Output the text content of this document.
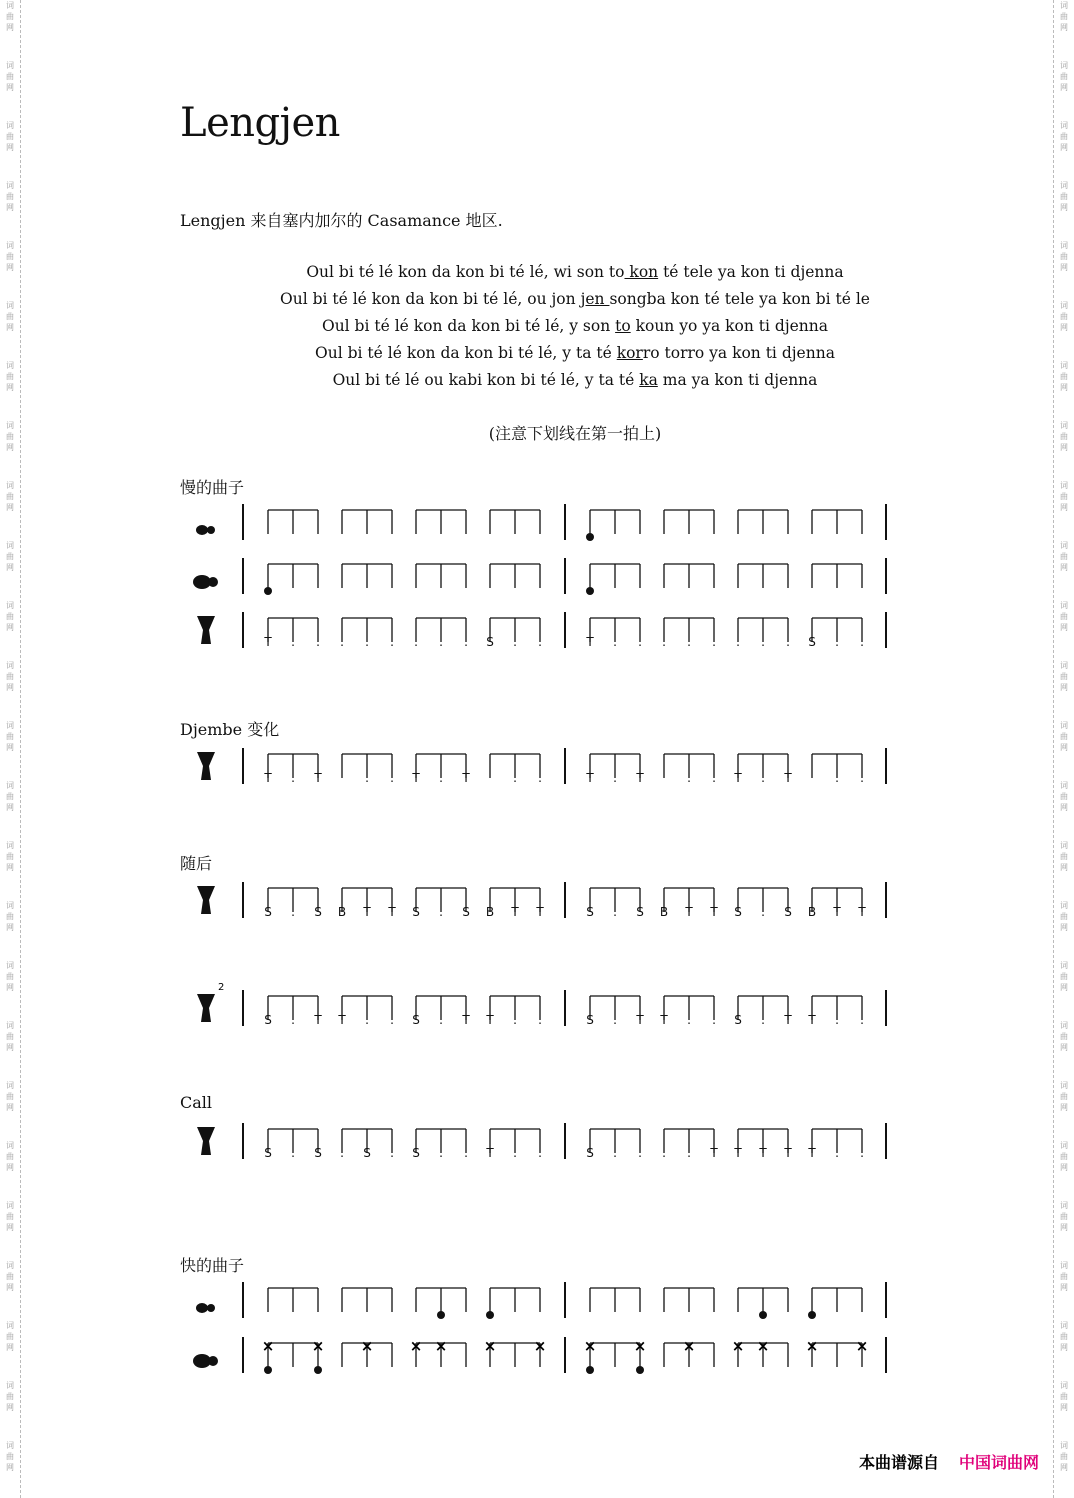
词
曲
网
词
曲
网
词
曲
网
词
曲
网
词
曲
网
词
曲
网
词
曲
网
词
曲
网
词
曲
网
词
曲
网
词
曲
网
词
曲
网
词
曲
网
词
曲
网
词
曲
网
词
曲
网
词
曲
网
词
曲
网
词
曲
网
词
曲
网
词
曲
网
词
曲
网
词
曲
网
词
曲
网
词
曲
网
词
曲
网
词
曲
网
词
曲
网
词
曲
网
词
曲
网
词
曲
网
词
曲
网
词
曲
网
词
曲
网
词
曲
网
词
曲
网
词
曲
网
词
曲
网
词
曲
网
词
曲
网
词
曲
网
词
曲
网
词
曲
网
词
曲
网
词
曲
网
词
曲
网
词
曲
网
词
曲
网
词
曲
网
词
曲
网
Lengjen
Lengjen 来自塞内加尔的 Casamance 地区.
Oul bi té lé kon da kon bi té lé, wi son to kon té tele ya kon ti djenna
Oul bi té lé kon da kon bi té lé, ou jon jen songba kon té tele ya kon bi té le
Oul bi té lé kon da kon bi té lé, y son to koun yo ya kon ti djenna
Oul bi té lé kon da kon bi té lé, y ta té korro torro ya kon ti djenna
Oul bi té lé ou kabi kon bi té lé, y ta té ka ma ya kon ti djenna
(注意下划线在第一拍上)
慢的曲子
Djembe 变化
随后
Call
快的曲子
T . . . . . . . . S . .	T . . . . . . . . S . .
T . T	. . T . T	. .	T . T	. . T . T	. .
S . S B T T S . S B T T	S . S B T T S . S B T T
2
S . T T . . S . T T . .	S . T T . . S . T T . .
S . S . S . S . . T . .	S . . . . T T T T T . .
× × × × × × × × × × × × × ×
本曲谱源自 中国词曲网
